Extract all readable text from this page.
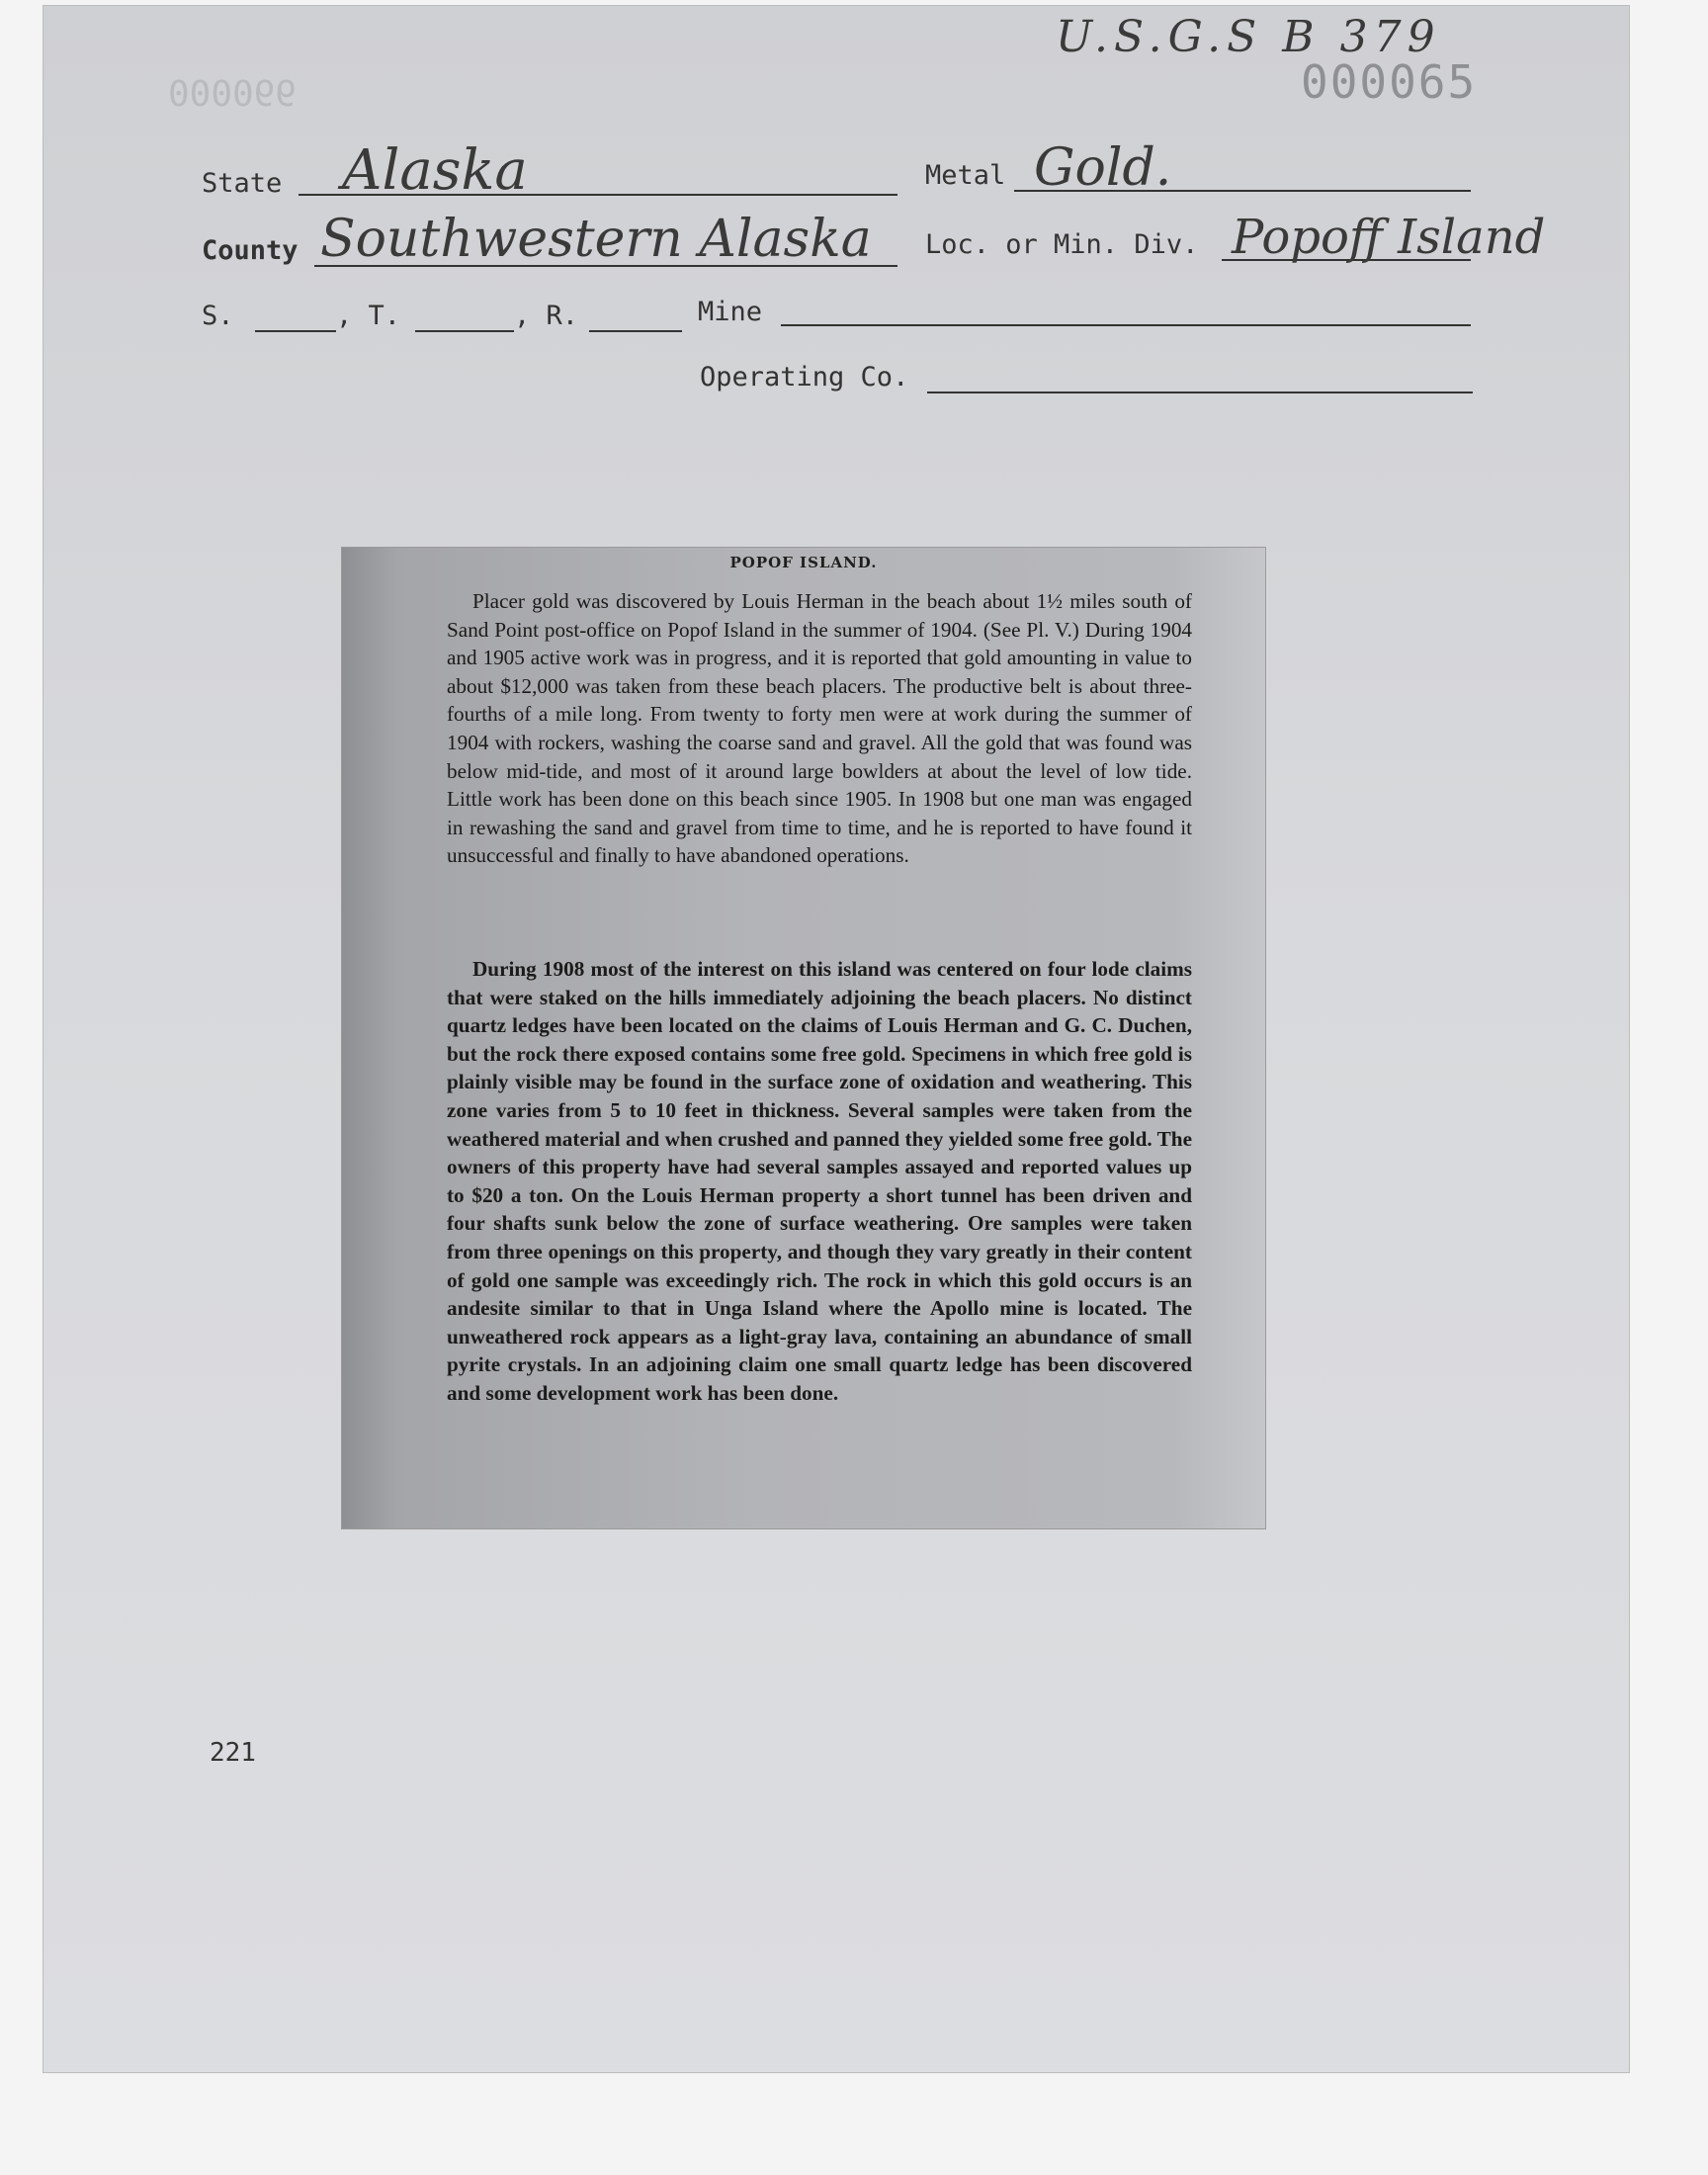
U.S.G.S B 379
000065
000066
State Alaska	Metal Gold.
County Southwestern Alaska Loc. or Min. Div. Popoff Island
S.	, T.	, R.	Mine
Operating Co.
POPOF ISLAND.

Placer gold was discovered by Louis Herman in the beach about 1½ miles south of Sand Point post-office on Popof Island in the summer of 1904. (See Pl. V.) During 1904 and 1905 active work was in progress, and it is reported that gold amounting in value to about $12,000 was taken from these beach placers. The productive belt is about three-fourths of a mile long. From twenty to forty men were at work during the summer of 1904 with rockers, washing the coarse sand and gravel. All the gold that was found was below mid-tide, and most of it around large bowlders at about the level of low tide. Little work has been done on this beach since 1905. In 1908 but one man was engaged in rewashing the sand and gravel from time to time, and he is reported to have found it unsuccessful and finally to have abandoned operations.

During 1908 most of the interest on this island was centered on four lode claims that were staked on the hills immediately adjoining the beach placers. No distinct quartz ledges have been located on the claims of Louis Herman and G. C. Duchen, but the rock there exposed contains some free gold. Specimens in which free gold is plainly visible may be found in the surface zone of oxidation and weathering. This zone varies from 5 to 10 feet in thickness. Several samples were taken from the weathered material and when crushed and panned they yielded some free gold. The owners of this property have had several samples assayed and reported values up to $20 a ton. On the Louis Herman property a short tunnel has been driven and four shafts sunk below the zone of surface weathering. Ore samples were taken from three openings on this property, and though they vary greatly in their content of gold one sample was exceedingly rich. The rock in which this gold occurs is an andesite similar to that in Unga Island where the Apollo mine is located. The unweathered rock appears as a light-gray lava, containing an abundance of small pyrite crystals. In an adjoining claim one small quartz ledge has been discovered and some development work has been done.

221
